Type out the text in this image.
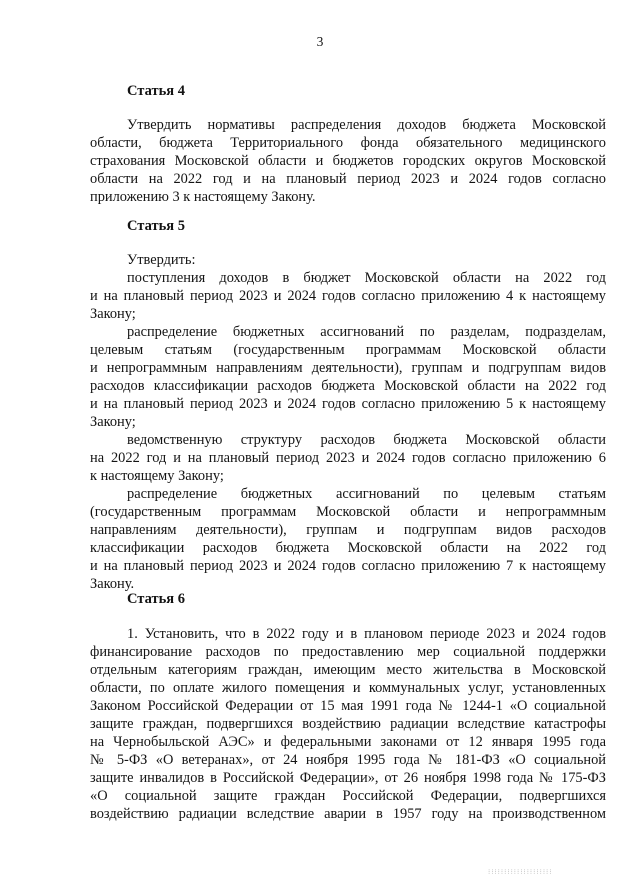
3
Статья 4
Утвердить нормативы распределения доходов бюджета Московской
области, бюджета Территориального фонда обязательного медицинского
страхования Московской области и бюджетов городских округов Московской
области на 2022 год и на плановый период 2023 и 2024 годов согласно
приложению 3 к настоящему Закону.
Статья 5
Утвердить:
поступления доходов в бюджет Московской области на 2022 год
и на плановый период 2023 и 2024 годов согласно приложению 4 к настоящему
Закону;
распределение бюджетных ассигнований по разделам, подразделам,
целевым статьям (государственным программам Московской области
и непрограммным направлениям деятельности), группам и подгруппам видов
расходов классификации расходов бюджета Московской области на 2022 год
и на плановый период 2023 и 2024 годов согласно приложению 5 к настоящему
Закону;
ведомственную структуру расходов бюджета Московской области
на 2022 год и на плановый период 2023 и 2024 годов согласно приложению 6
к настоящему Закону;
распределение бюджетных ассигнований по целевым статьям
(государственным программам Московской области и непрограммным
направлениям деятельности), группам и подгруппам видов расходов
классификации расходов бюджета Московской области на 2022 год
и на плановый период 2023 и 2024 годов согласно приложению 7 к настоящему
Закону.
Статья 6
1. Установить, что в 2022 году и в плановом периоде 2023 и 2024 годов
финансирование расходов по предоставлению мер социальной поддержки
отдельным категориям граждан, имеющим место жительства в Московской
области, по оплате жилого помещения и коммунальных услуг, установленных
Законом Российской Федерации от 15 мая 1991 года № 1244-1 «О социальной
защите граждан, подвергшихся воздействию радиации вследствие катастрофы
на Чернобыльской АЭС» и федеральными законами от 12 января 1995 года
№ 5-ФЗ «О ветеранах», от 24 ноября 1995 года № 181-ФЗ «О социальной
защите инвалидов в Российской Федерации», от 26 ноября 1998 года № 175-ФЗ
«О социальной защите граждан Российской Федерации, подвергшихся
воздействию радиации вследствие аварии в 1957 году на производственном
⁝⁝⁝⁝⁝⁝⁝⁝⁝⁝⁝⁝⁝⁝⁝⁝⁝⁝⁝⁝
